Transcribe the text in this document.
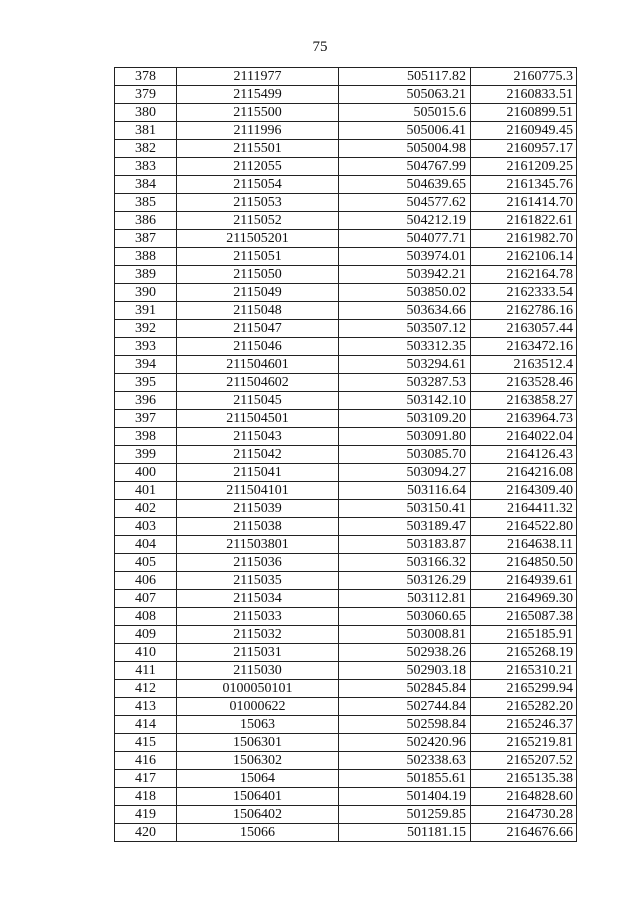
75
378	2111977	505117.82	2160775.3
379	2115499	505063.21	2160833.51
380	2115500	505015.6	2160899.51
381	2111996	505006.41	2160949.45
382	2115501	505004.98	2160957.17
383	2112055	504767.99	2161209.25
384	2115054	504639.65	2161345.76
385	2115053	504577.62	2161414.70
386	2115052	504212.19	2161822.61
387	211505201	504077.71	2161982.70
388	2115051	503974.01	2162106.14
389	2115050	503942.21	2162164.78
390	2115049	503850.02	2162333.54
391	2115048	503634.66	2162786.16
392	2115047	503507.12	2163057.44
393	2115046	503312.35	2163472.16
394	211504601	503294.61	2163512.4
395	211504602	503287.53	2163528.46
396	2115045	503142.10	2163858.27
397	211504501	503109.20	2163964.73
398	2115043	503091.80	2164022.04
399	2115042	503085.70	2164126.43
400	2115041	503094.27	2164216.08
401	211504101	503116.64	2164309.40
402	2115039	503150.41	2164411.32
403	2115038	503189.47	2164522.80
404	211503801	503183.87	2164638.11
405	2115036	503166.32	2164850.50
406	2115035	503126.29	2164939.61
407	2115034	503112.81	2164969.30
408	2115033	503060.65	2165087.38
409	2115032	503008.81	2165185.91
410	2115031	502938.26	2165268.19
411	2115030	502903.18	2165310.21
412	0100050101	502845.84	2165299.94
413	01000622	502744.84	2165282.20
414	15063	502598.84	2165246.37
415	1506301	502420.96	2165219.81
416	1506302	502338.63	2165207.52
417	15064	501855.61	2165135.38
418	1506401	501404.19	2164828.60
419	1506402	501259.85	2164730.28
420	15066	501181.15	2164676.66
